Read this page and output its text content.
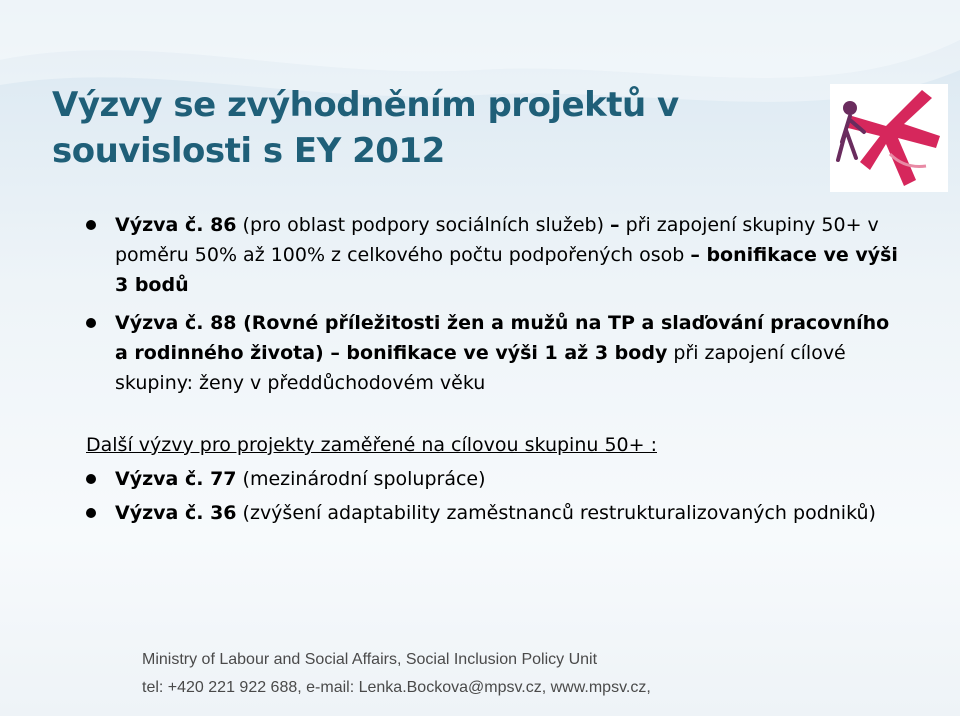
Výzvy se zvýhodněním projektů v
souvislosti s EY 2012
Výzva č. 86 (pro oblast podpory sociálních služeb) – při zapojení skupiny 50+ v poměru 50% až 100% z celkového počtu podpořených osob – bonifikace ve výši 3 bodů
Výzva č. 88 (Rovné příležitosti žen a mužů na TP a slaďování pracovního a rodinného života) – bonifikace ve výši 1 až 3 body při zapojení cílové skupiny: ženy v předdůchodovém věku
Další výzvy pro projekty zaměřené na cílovou skupinu 50+ :
Výzva č. 77 (mezinárodní spolupráce)
Výzva č. 36 (zvýšení adaptability zaměstnanců restrukturalizovaných podniků)
Ministry of Labour and Social Affairs, Social Inclusion Policy Unit
tel: +420 221 922 688, e-mail: Lenka.Bockova@mpsv.cz, www.mpsv.cz,
